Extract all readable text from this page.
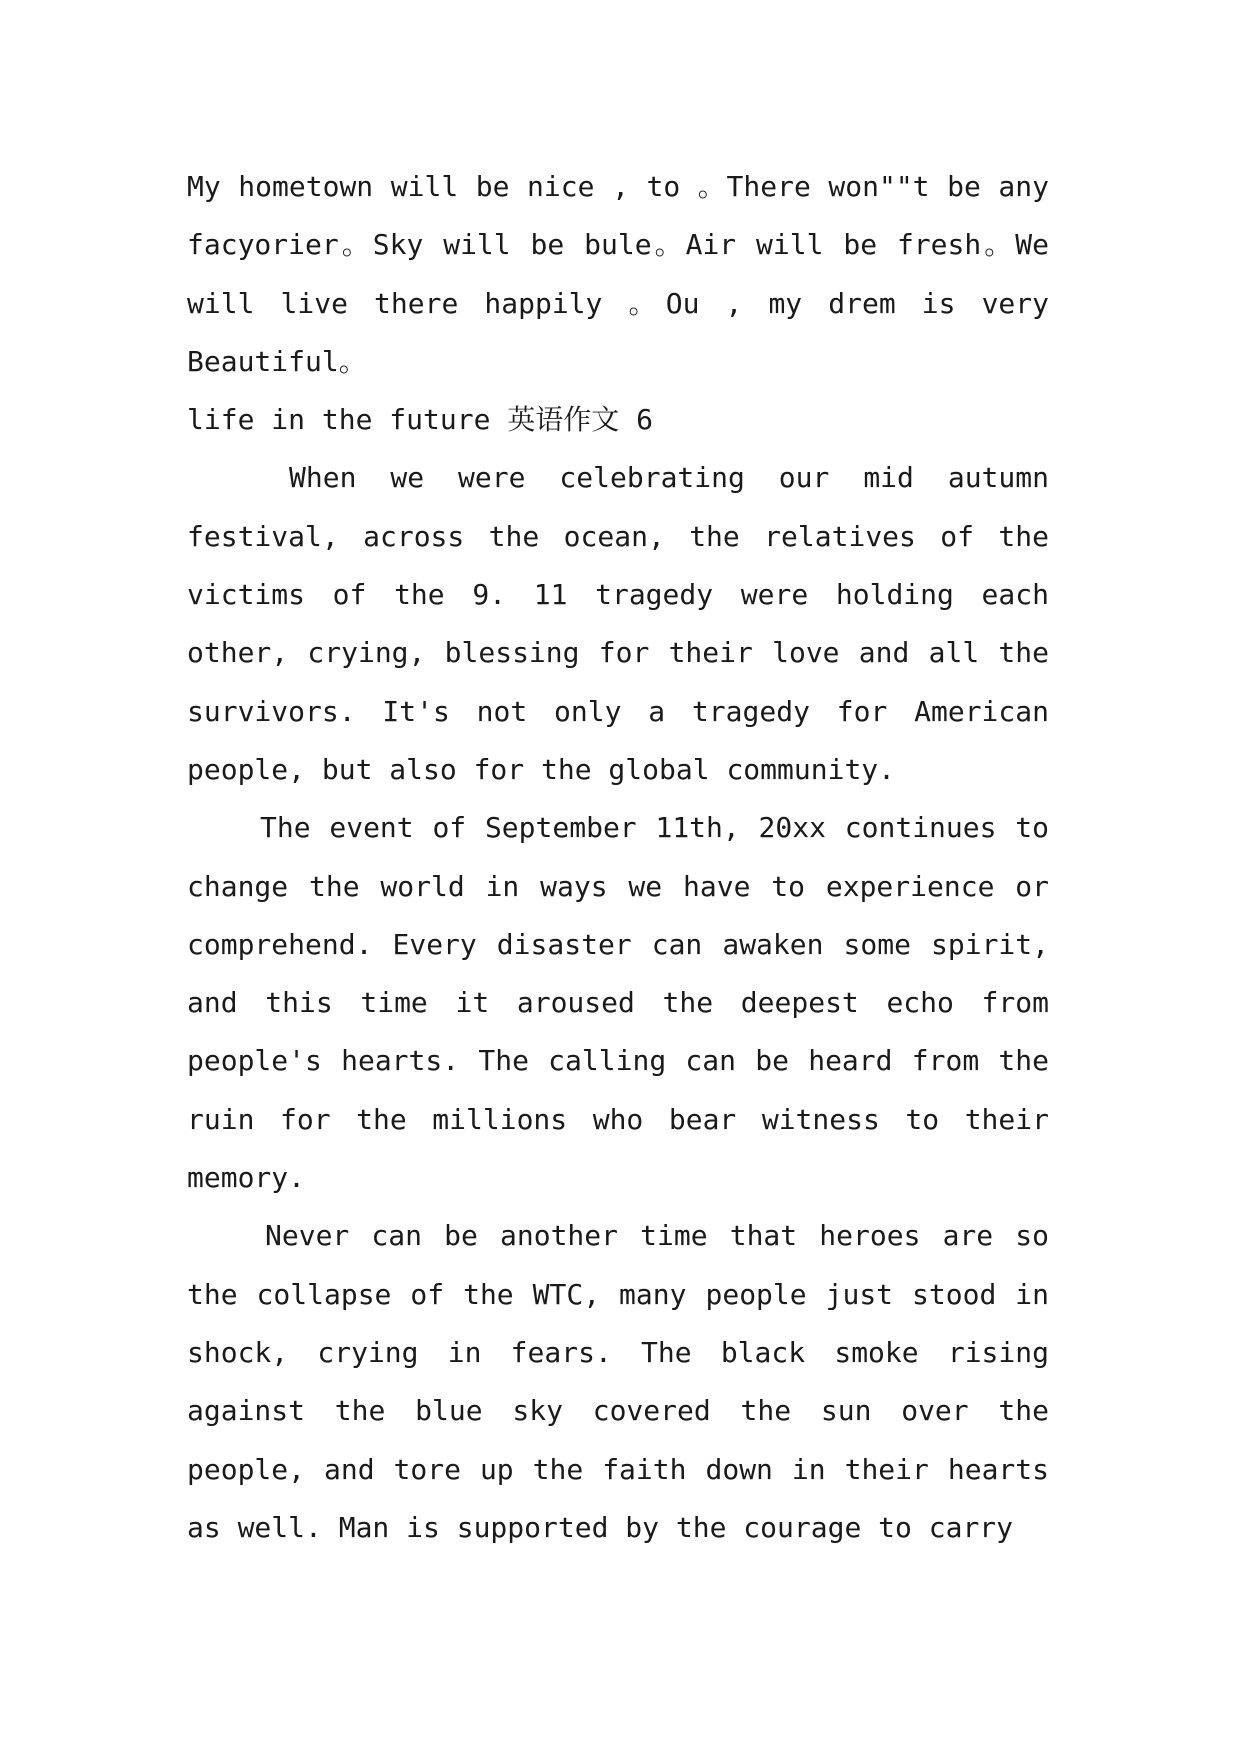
My hometown will be nice , to 。There won""t be any facyorier。Sky will be bule。Air will be fresh。We will live there happily 。Ou , my drem is very Beautiful。

life in the future 英语作文 6

When we were celebrating our mid autumn festival, across the ocean, the relatives of the victims of the 9. 11 tragedy were holding each other, crying, blessing for their love and all the survivors. It's not only a tragedy for American people, but also for the global community.

The event of September 11th, 20xx continues to change the world in ways we have to experience or comprehend. Every disaster can awaken some spirit, and this time it aroused the deepest echo from people's hearts. The calling can be heard from the ruin for the millions who bear witness to their memory.

Never can be another time that heroes are so the collapse of the WTC, many people just stood in shock, crying in fears. The black smoke rising against the blue sky covered the sun over the people, and tore up the faith down in their hearts as well. Man is supported by the courage to carry
